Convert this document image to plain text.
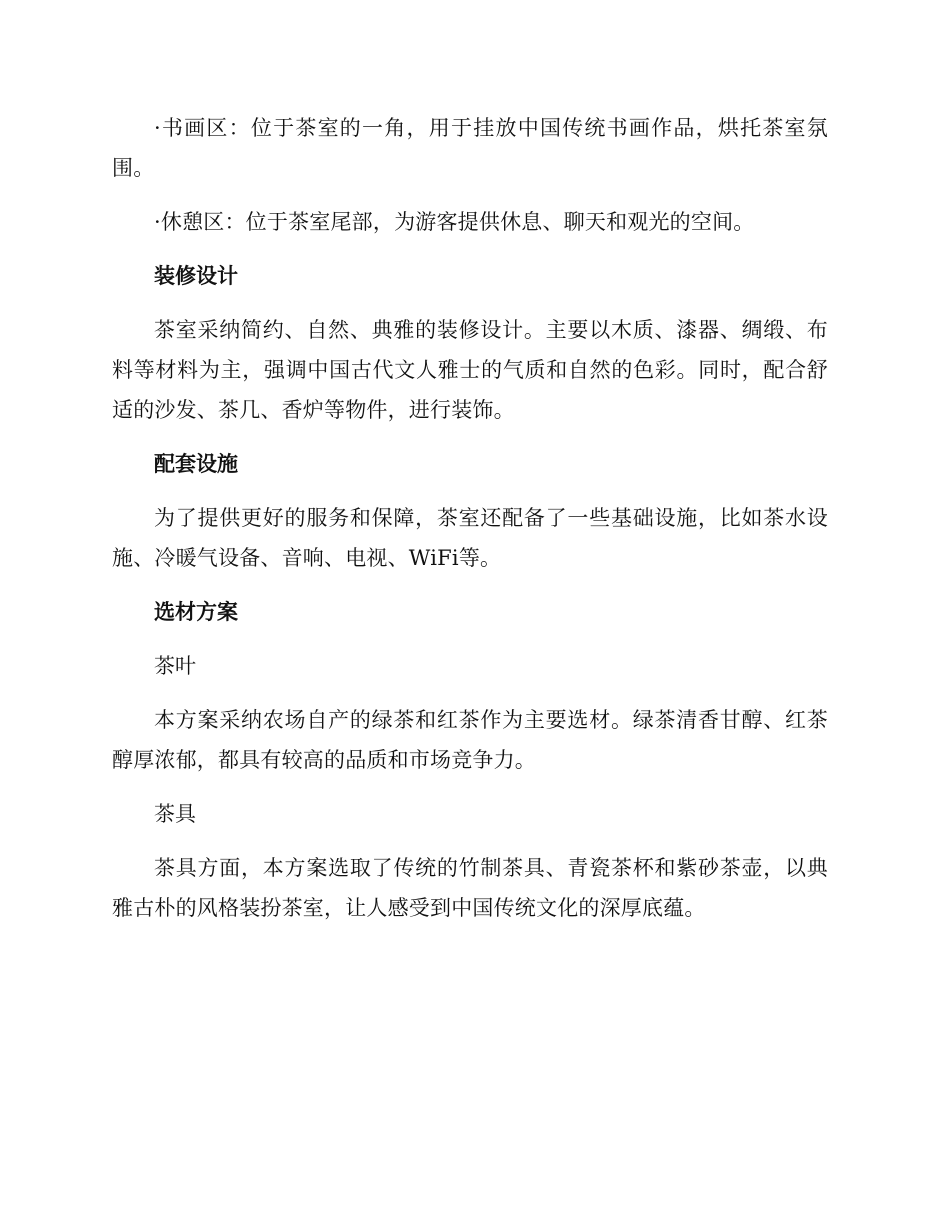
·书画区：位于茶室的一角，用于挂放中国传统书画作品，烘托茶室氛围。

·休憩区：位于茶室尾部，为游客提供休息、聊天和观光的空间。

装修设计

茶室采纳简约、自然、典雅的装修设计。主要以木质、漆器、绸缎、布料等材料为主，强调中国古代文人雅士的气质和自然的色彩。同时，配合舒适的沙发、茶几、香炉等物件，进行装饰。

配套设施

为了提供更好的服务和保障，茶室还配备了一些基础设施，比如茶水设施、冷暖气设备、音响、电视、WiFi等。

选材方案

茶叶

本方案采纳农场自产的绿茶和红茶作为主要选材。绿茶清香甘醇、红茶醇厚浓郁，都具有较高的品质和市场竞争力。

茶具

茶具方面，本方案选取了传统的竹制茶具、青瓷茶杯和紫砂茶壶，以典雅古朴的风格装扮茶室，让人感受到中国传统文化的深厚底蕴。
